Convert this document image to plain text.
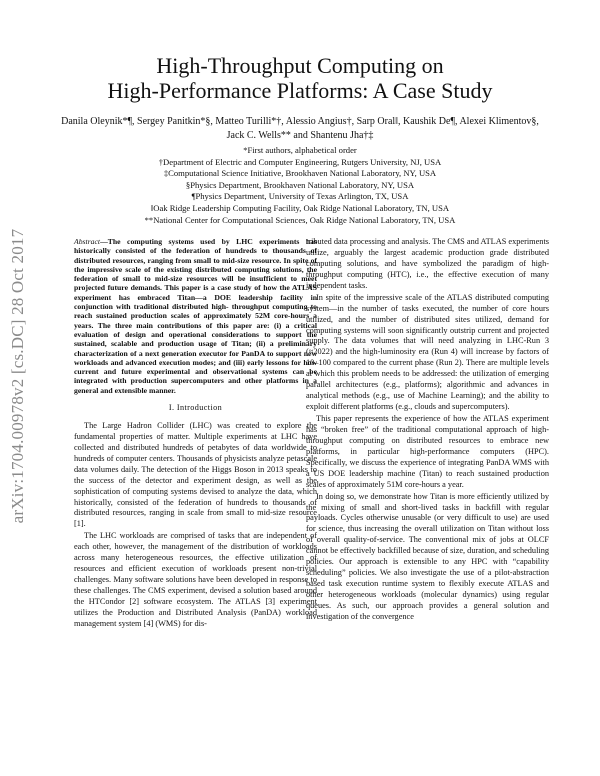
arXiv:1704.00978v2 [cs.DC] 28 Oct 2017
High-Throughput Computing on
High-Performance Platforms: A Case Study
Danila Oleynik*¶, Sergey Panitkin*§, Matteo Turilli*†, Alessio Angius†, Sarp Oral‖, Kaushik De¶, Alexei Klimentov§, Jack C. Wells** and Shantenu Jha†‡
*First authors, alphabetical order
†Department of Electric and Computer Engineering, Rutgers University, NJ, USA
‡Computational Science Initiative, Brookhaven National Laboratory, NY, USA
§Physics Department, Brookhaven National Laboratory, NY, USA
¶Physics Department, University of Texas Arlington, TX, USA
‖Oak Ridge Leadership Computing Facility, Oak Ridge National Laboratory, TN, USA
**National Center for Computational Sciences, Oak Ridge National Laboratory, TN, USA

Abstract—The computing systems used by LHC experiments has historically consisted of the federation of hundreds to thousands of distributed resources, ranging from small to mid-size resource. In spite of the impressive scale of the existing distributed computing solutions, the federation of small to mid-size resources will be insufficient to meet projected future demands. This paper is a case study of how the ATLAS experiment has embraced Titan—a DOE leadership facility in conjunction with traditional distributed high- throughput computing to reach sustained production scales of approximately 52M core-hours a years. The three main contributions of this paper are: (i) a critical evaluation of design and operational considerations to support the sustained, scalable and production usage of Titan; (ii) a preliminary characterization of a next generation executor for PanDA to support new workloads and advanced execution modes; and (iii) early lessons for how current and future experimental and observational systems can be integrated with production supercomputers and other platforms in a general and extensible manner.

I. Introduction

The Large Hadron Collider (LHC) was created to explore the fundamental properties of matter. Multiple experiments at LHC have collected and distributed hundreds of petabytes of data worldwide to hundreds of computer centers. Thousands of physicists analyze petascale data volumes daily. The detection of the Higgs Boson in 2013 speaks to the success of the detector and experiment design, as well as the sophistication of computing systems devised to analyze the data, which historically, consisted of the federation of hundreds to thousands of distributed resources, ranging in scale from small to mid-size resource [1].

The LHC workloads are comprised of tasks that are independent of each other, however, the management of the distribution of workloads across many heterogeneous resources, the effective utilization of resources and efficient execution of workloads present non-trivial challenges. Many software solutions have been developed in response to these challenges. The CMS experiment, devised a solution based around the HTCondor [2] software ecosystem. The ATLAS [3] experiment utilizes the Production and Distributed Analysis (PanDA) workload management system [4] (WMS) for dis-

tributed data processing and analysis. The CMS and ATLAS experiments utilize, arguably the largest academic production grade distributed computing solutions, and have symbolized the paradigm of high-throughput computing (HTC), i.e., the effective execution of many independent tasks.

In spite of the impressive scale of the ATLAS distributed computing system—in the number of tasks executed, the number of core hours utilized, and the number of distributed sites utilized, demand for computing systems will soon significantly outstrip current and projected supply. The data volumes that will need analyzing in LHC-Run 3 (≈2022) and the high-luminosity era (Run 4) will increase by factors of 10–100 compared to the current phase (Run 2). There are multiple levels at which this problem needs to be addressed: the utilization of emerging parallel architectures (e.g., platforms); algorithmic and advances in analytical methods (e.g., use of Machine Learning); and the ability to exploit different platforms (e.g., clouds and supercomputers).

This paper represents the experience of how the ATLAS experiment has “broken free” of the traditional computational approach of high-throughput computing on distributed resources to embrace new platforms, in particular high-performance computers (HPC). Specifically, we discuss the experience of integrating PanDA WMS with a US DOE leadership machine (Titan) to reach sustained production scales of approximately 51M core-hours a year.

In doing so, we demonstrate how Titan is more efficiently utilized by the mixing of small and short-lived tasks in backfill with regular payloads. Cycles otherwise unusable (or very difficult to use) are used for science, thus increasing the overall utilization on Titan without loss of overall quality-of-service. The conventional mix of jobs at OLCF cannot be effectively backfilled because of size, duration, and scheduling policies. Our approach is extensible to any HPC with “capability scheduling” policies. We also investigate the use of a pilot-abstraction based task execution runtime system to flexibly execute ATLAS and other heterogeneous workloads (molecular dynamics) using regular queues. As such, our approach provides a general solution and investigation of the convergence
